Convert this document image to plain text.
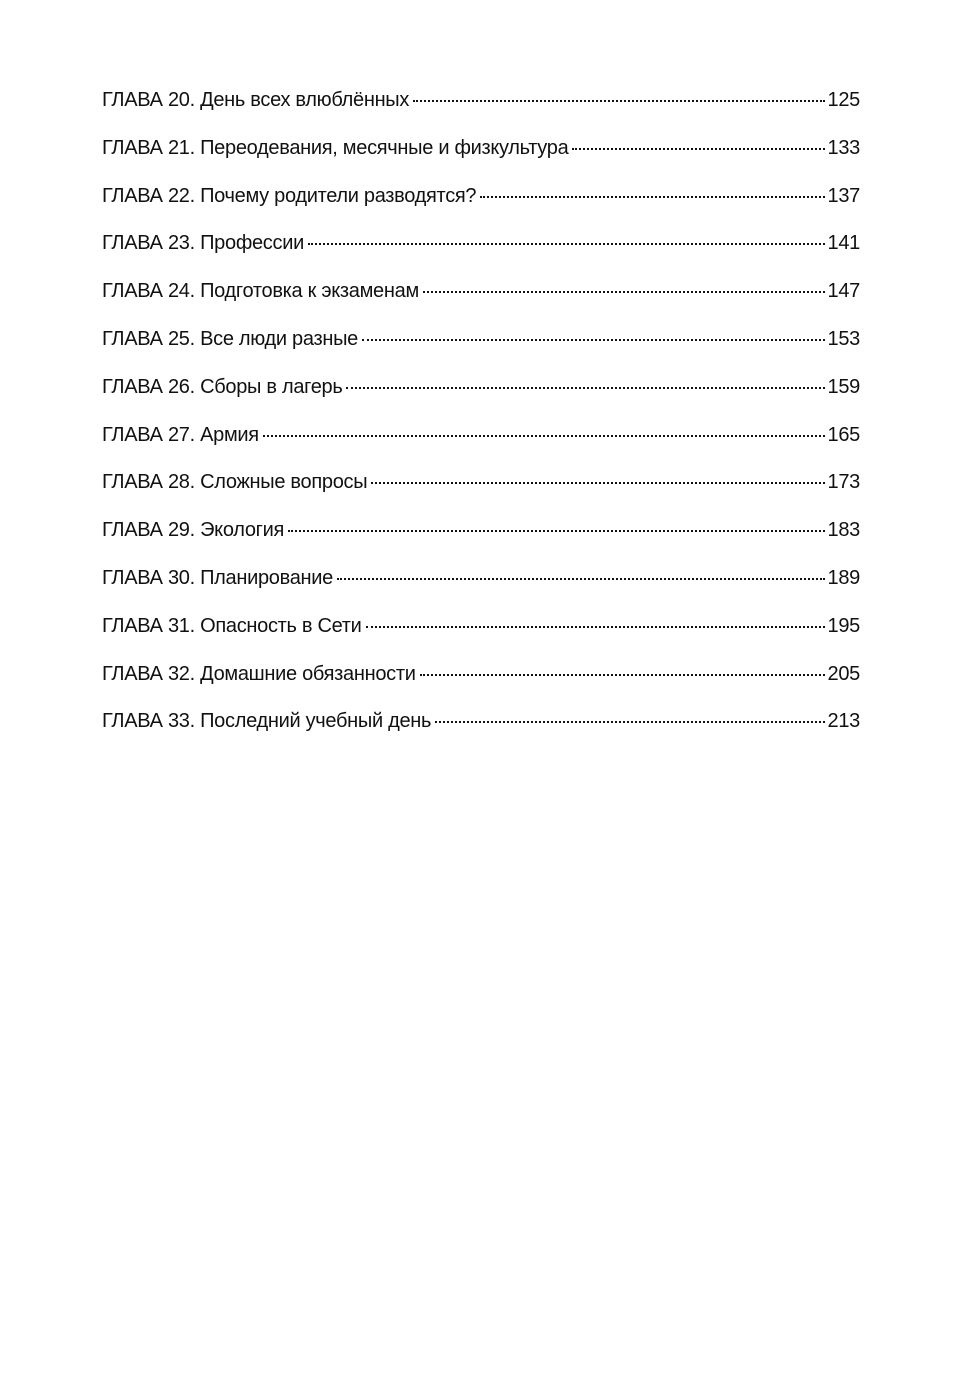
ГЛАВА 20. День всех влюблённых	125
ГЛАВА 21. Переодевания, месячные и физкультура	133
ГЛАВА 22. Почему родители разводятся?	137
ГЛАВА 23. Профессии	141
ГЛАВА 24. Подготовка к экзаменам	147
ГЛАВА 25. Все люди разные	153
ГЛАВА 26. Сборы в лагерь	159
ГЛАВА 27. Армия	165
ГЛАВА 28. Сложные вопросы	173
ГЛАВА 29. Экология	183
ГЛАВА 30. Планирование	189
ГЛАВА 31. Опасность в Сети	195
ГЛАВА 32. Домашние обязанности	205
ГЛАВА 33. Последний учебный день	213
